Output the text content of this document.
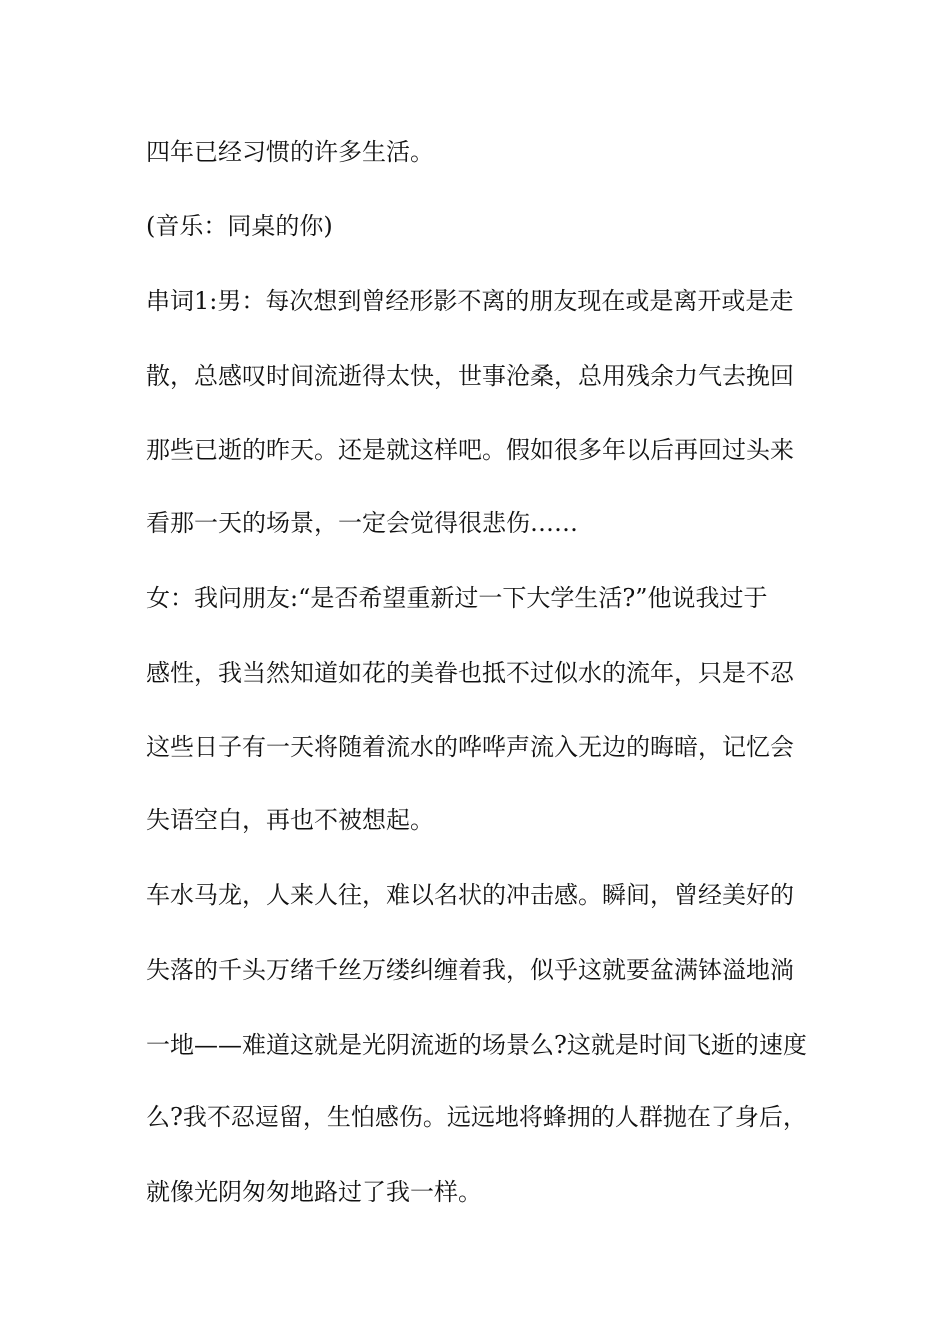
四年已经习惯的许多生活。
(音乐：同桌的你)
串词1:男：每次想到曾经形影不离的朋友现在或是离开或是走
散，总感叹时间流逝得太快，世事沧桑，总用残余力气去挽回
那些已逝的昨天。还是就这样吧。假如很多年以后再回过头来
看那一天的场景，一定会觉得很悲伤……
女：我问朋友:“是否希望重新过一下大学生活?”他说我过于
感性，我当然知道如花的美眷也抵不过似水的流年，只是不忍
这些日子有一天将随着流水的哗哗声流入无边的晦暗，记忆会
失语空白，再也不被想起。
车水马龙，人来人往，难以名状的冲击感。瞬间，曾经美好的
失落的千头万绪千丝万缕纠缠着我，似乎这就要盆满钵溢地淌
一地——难道这就是光阴流逝的场景么?这就是时间飞逝的速度
么?我不忍逗留，生怕感伤。远远地将蜂拥的人群抛在了身后，
就像光阴匆匆地路过了我一样。
